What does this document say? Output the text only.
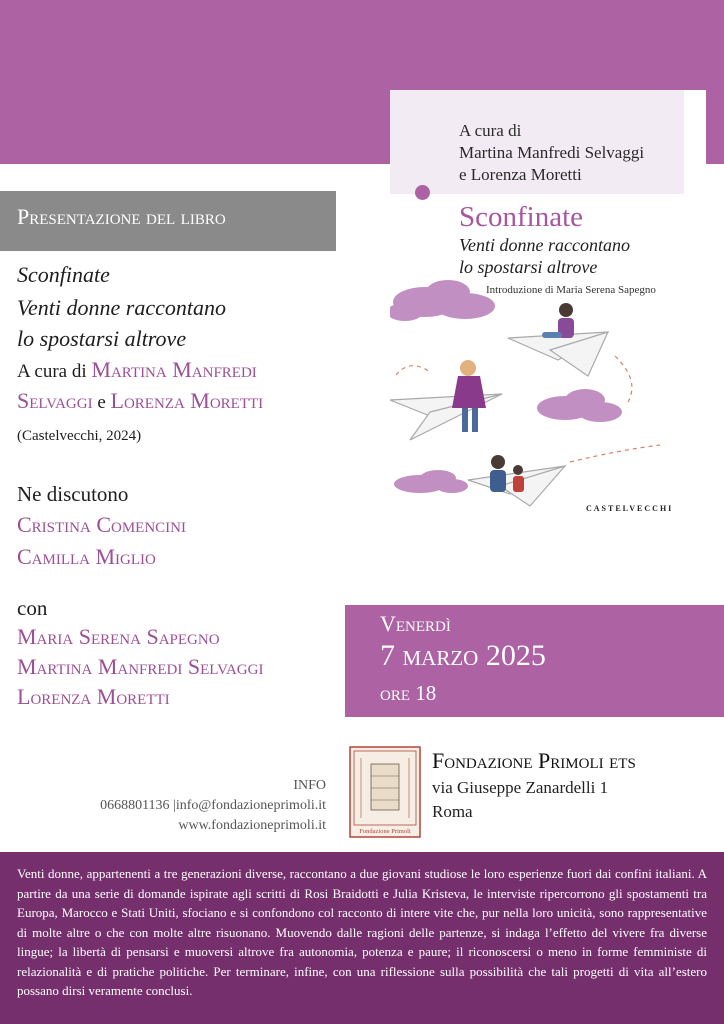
A cura di
Martina Manfredi Selvaggi
e Lorenza Moretti
Sconfinate
Venti donne raccontano
lo spostarsi altrove
Introduzione di Maria Serena Sapegno
CASTELVECCHI
Presentazione del libro
Sconfinate
Venti donne raccontano
lo spostarsi altrove
A cura di Martina Manfredi
Selvaggi e Lorenza Moretti
(Castelvecchi, 2024)
Ne discutono
Cristina Comencini
Camilla Miglio
con
Maria Serena Sapegno
Martina Manfredi Selvaggi
Lorenza Moretti
Venerdì
7 marzo 2025
ore 18
INFO
0668801136 |info@fondazioneprimoli.it
www.fondazioneprimoli.it	Fondazione Primoli
Fondazione Primoli ets
via Giuseppe Zanardelli 1
Roma
Venti donne, appartenenti a tre generazioni diverse, raccontano a due giovani studiose le loro esperienze fuori dai confini italiani. A partire da una serie di domande ispirate agli scritti di Rosi Braidotti e Julia Kristeva, le interviste ripercorrono gli spostamenti tra Europa, Marocco e Stati Uniti, sfociano e si confondono col racconto di intere vite che, pur nella loro unicità, sono rappresentative di molte altre o che con molte altre risuonano. Muovendo dalle ragioni delle partenze, si indaga l’effetto del vivere fra diverse lingue; la libertà di pensarsi e muoversi altrove fra autonomia, potenza e paure; il riconoscersi o meno in forme femministe di relazionalità e di pratiche politiche. Per terminare, infine, con una riflessione sulla possibilità che tali progetti di vita all’estero possano dirsi veramente conclusi.
